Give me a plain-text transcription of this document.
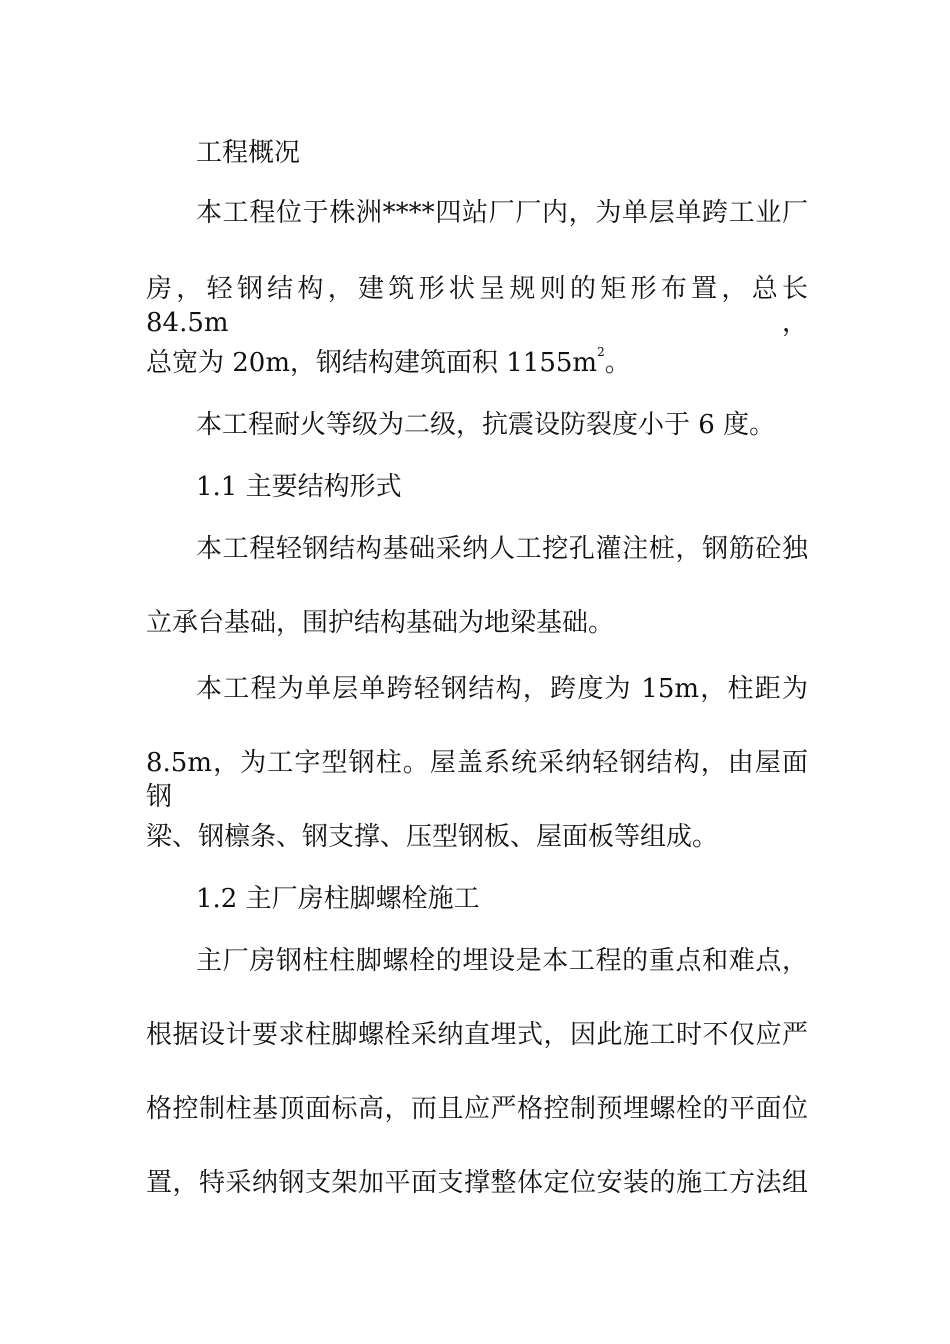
工程概况
本工程位于株洲****四站厂厂内，为单层单跨工业厂
房，轻钢结构，建筑形状呈规则的矩形布置，总长 84.5m，
总宽为 20m，钢结构建筑面积 $1155m^2$。
本工程耐火等级为二级，抗震设防裂度小于 6 度。
1.1 主要结构形式
本工程轻钢结构基础采纳人工挖孔灌注桩，钢筋砼独
立承台基础，围护结构基础为地梁基础。
本工程为单层单跨轻钢结构，跨度为 15m，柱距为
8.5m，为工字型钢柱。屋盖系统采纳轻钢结构，由屋面钢
梁、钢檩条、钢支撑、压型钢板、屋面板等组成。
1.2 主厂房柱脚螺栓施工
主厂房钢柱柱脚螺栓的埋设是本工程的重点和难点，
根据设计要求柱脚螺栓采纳直埋式，因此施工时不仅应严
格控制柱基顶面标高，而且应严格控制预埋螺栓的平面位
置，特采纳钢支架加平面支撑整体定位安装的施工方法组
